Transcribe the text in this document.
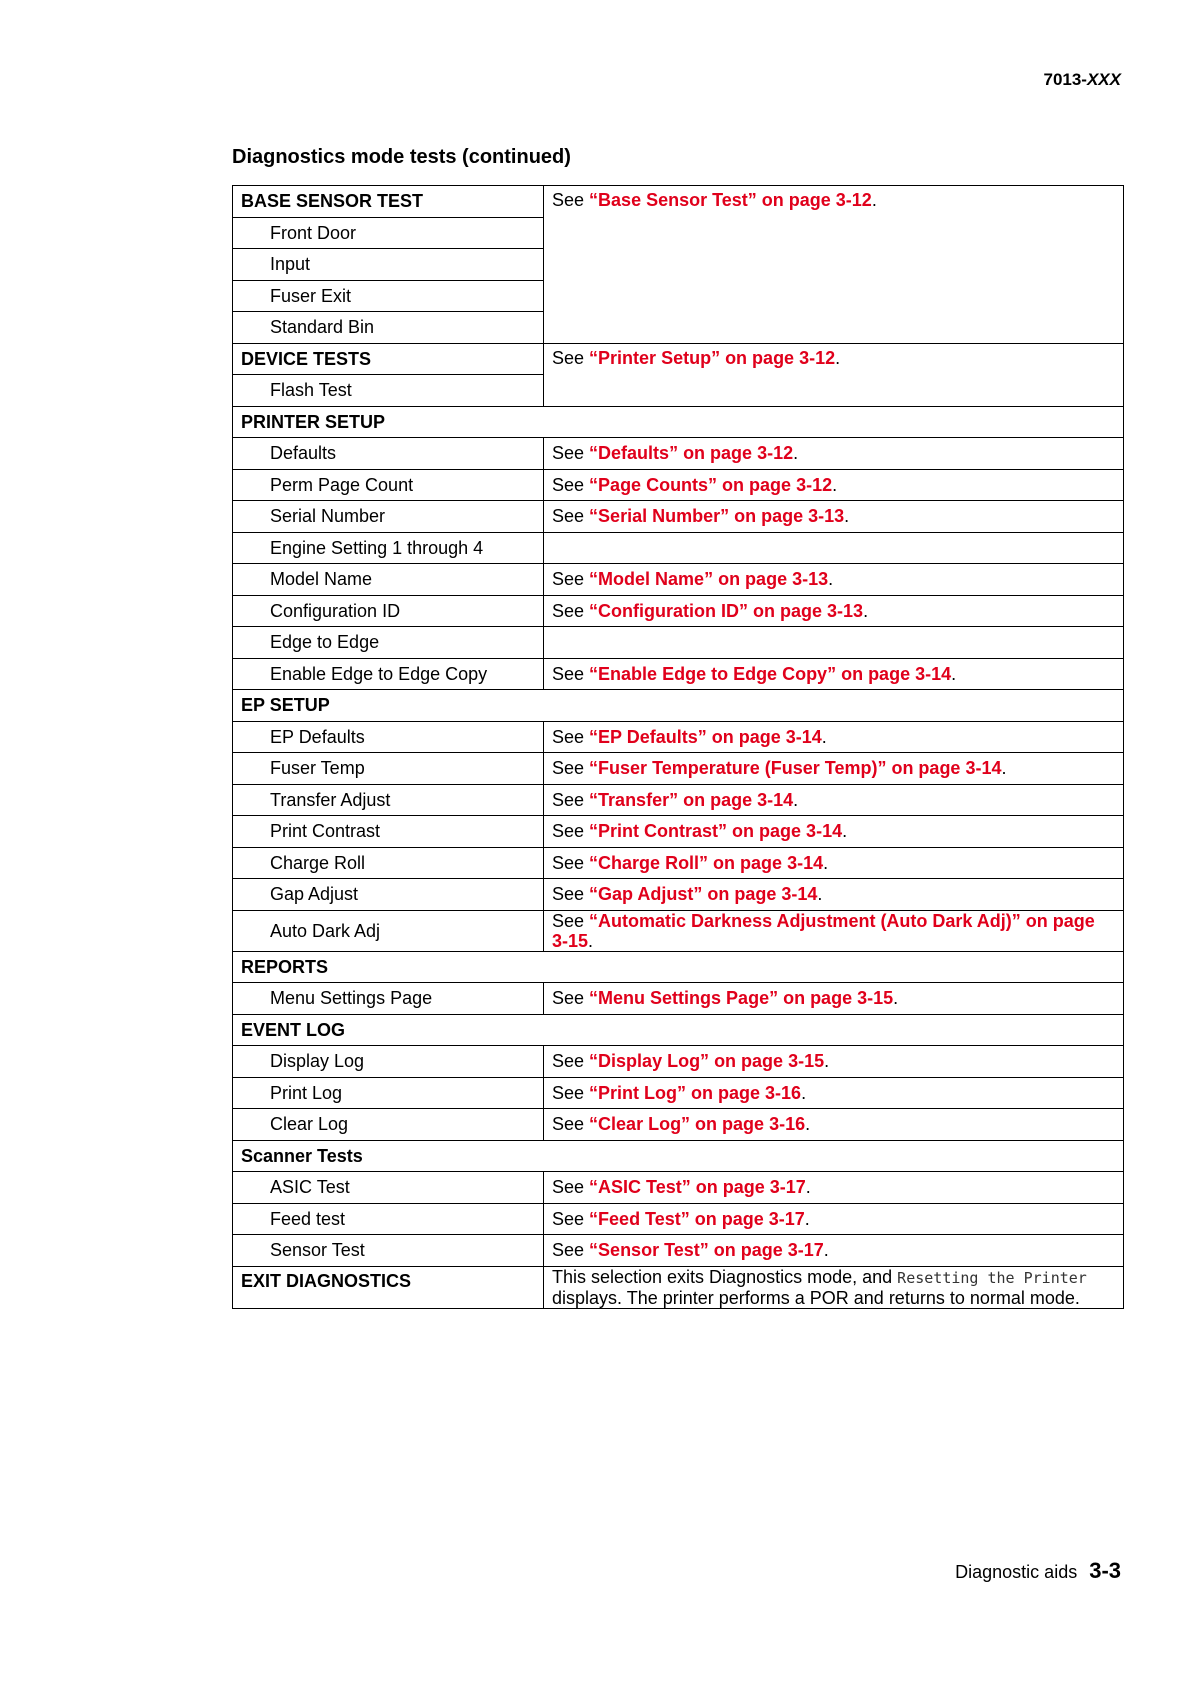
7013-XXX
Diagnostics mode tests (continued)
BASE SENSOR TEST	See “Base Sensor Test” on page 3-12.
Front Door	
Input	
Fuser Exit	
Standard Bin	
DEVICE TESTS	See “Printer Setup” on page 3-12.
Flash Test	
PRINTER SETUP	
Defaults	See “Defaults” on page 3-12.
Perm Page Count	See “Page Counts” on page 3-12.
Serial Number	See “Serial Number” on page 3-13.
Engine Setting 1 through 4	
Model Name	See “Model Name” on page 3-13.
Configuration ID	See “Configuration ID” on page 3-13.
Edge to Edge	
Enable Edge to Edge Copy	See “Enable Edge to Edge Copy” on page 3-14.
EP SETUP	
EP Defaults	See “EP Defaults” on page 3-14.
Fuser Temp	See “Fuser Temperature (Fuser Temp)” on page 3-14.
Transfer Adjust	See “Transfer” on page 3-14.
Print Contrast	See “Print Contrast” on page 3-14.
Charge Roll	See “Charge Roll” on page 3-14.
Gap Adjust	See “Gap Adjust” on page 3-14.
Auto Dark Adj	See “Automatic Darkness Adjustment (Auto Dark Adj)” on page 3-15.
REPORTS	
Menu Settings Page	See “Menu Settings Page” on page 3-15.
EVENT LOG	
Display Log	See “Display Log” on page 3-15.
Print Log	See “Print Log” on page 3-16.
Clear Log	See “Clear Log” on page 3-16.
Scanner Tests	
ASIC Test	See “ASIC Test” on page 3-17.
Feed test	See “Feed Test” on page 3-17.
Sensor Test	See “Sensor Test” on page 3-17.
EXIT DIAGNOSTICS	This selection exits Diagnostics mode, and Resetting the Printer
displays. The printer performs a POR and returns to normal mode.
Diagnostic aids 3-3
